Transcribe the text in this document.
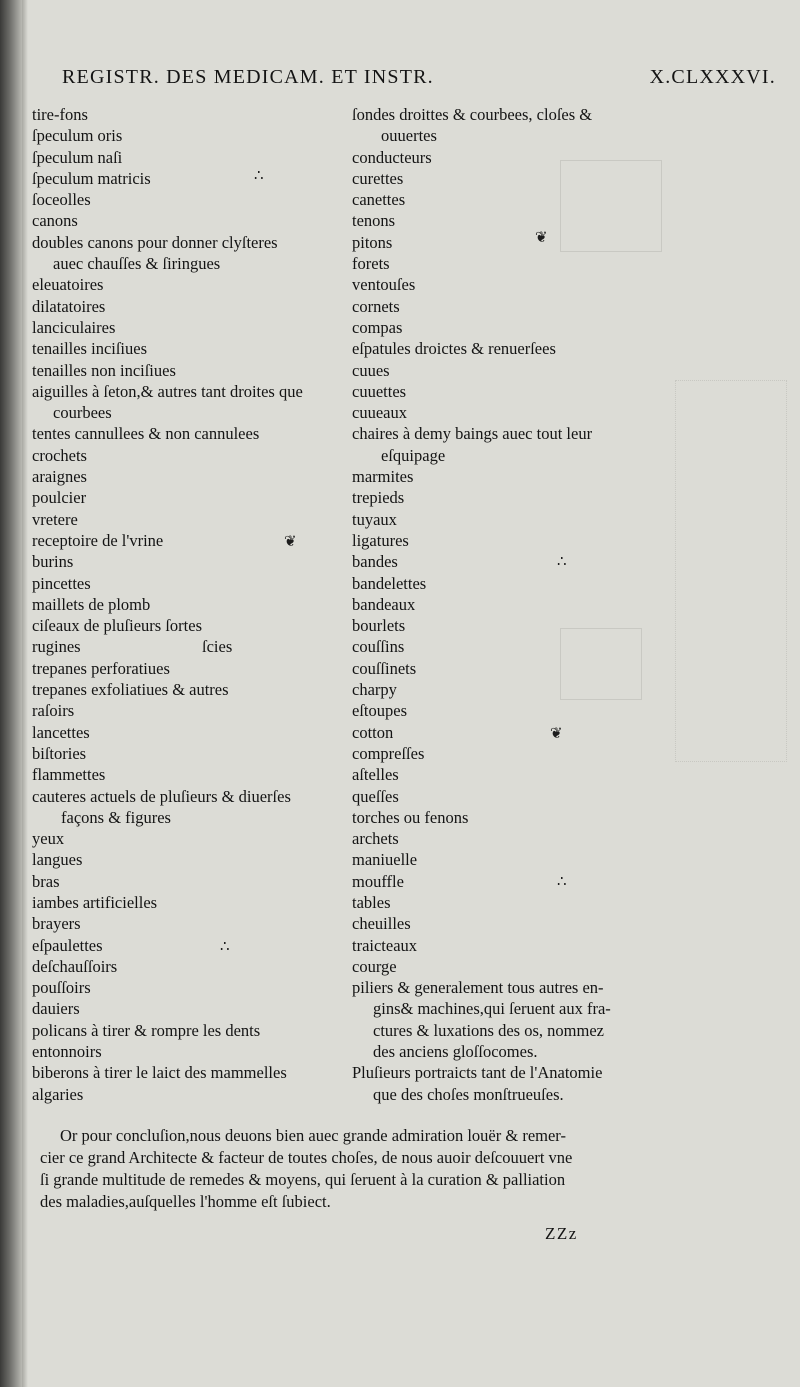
REGISTR. DES MEDICAM. ET INSTR.	X.CLXXXVI.
tire-fons
ſpeculum oris
ſpeculum naſi
ſpeculum matricis
ſoceolles
canons
doubles canons pour donner clyſteres
auec chauſſes & ſiringues
eleuatoires
dilatatoires
lanciculaires
tenailles inciſiues
tenailles non inciſiues
aiguilles à ſeton,& autres tant droites que
courbees
tentes cannullees & non cannulees
crochets
araignes
poulcier
vretere
receptoire de l'vrine
burins
pincettes
maillets de plomb
ciſeaux de pluſieurs ſortes
rugines	ſcies
trepanes perforatiues
trepanes exfoliatiues & autres
raſoirs
lancettes
biſtories
flammettes
cauteres actuels de pluſieurs & diuerſes
façons & figures
yeux
langues
bras
iambes artificielles
brayers
eſpaulettes
deſchauſſoirs
pouſſoirs
dauiers
policans à tirer & rompre les dents
entonnoirs
biberons à tirer le laict des mammelles
algaries
ſondes droittes & courbees, cloſes &
ouuertes
conducteurs
curettes
canettes
tenons
pitons
forets
ventouſes
cornets
compas
eſpatules droictes & renuerſees
cuues
cuuettes
cuueaux
chaires à demy baings auec tout leur
eſquipage
marmites
trepieds
tuyaux
ligatures
bandes
bandelettes
bandeaux
bourlets
couſſins
couſſinets
charpy
eſtoupes
cotton
compreſſes
aſtelles
queſſes
torches ou fenons
archets
maniuelle
mouffle
tables
cheuilles
traicteaux
courge
piliers & generalement tous autres en-
gins& machines,qui ſeruent aux fra-
ctures & luxations des os, nommez
des anciens gloſſocomes.
Pluſieurs portraicts tant de l'Anatomie
que des choſes monſtrueuſes.
∴
❦
❦
∴
❦
∴
∴
Or pour concluſion,nous deuons bien auec grande admiration louër & remer-
cier ce grand Architecte & facteur de toutes choſes, de nous auoir deſcouuert vne
ſi grande multitude de remedes & moyens, qui ſeruent à la curation & palliation
des maladies,auſquelles l'homme eſt ſubiect.
ZZz
